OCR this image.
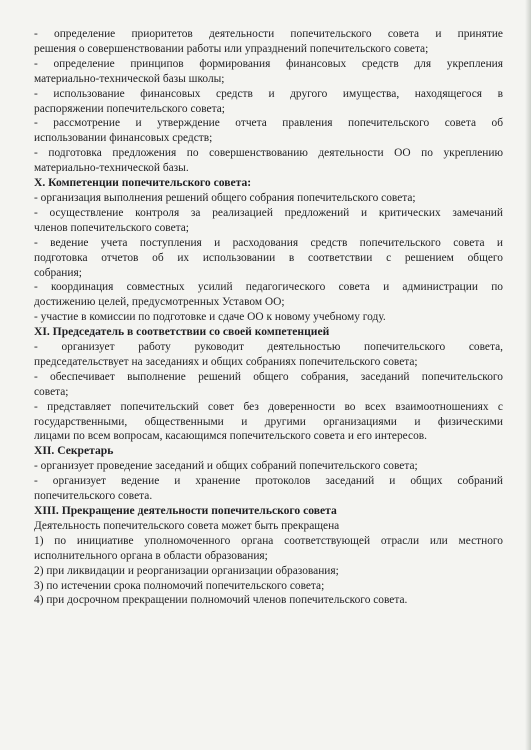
- определение приоритетов деятельности попечительского совета и принятие
решения о совершенствовании работы или упразднений попечительского совета;
- определение принципов формирования финансовых средств для укрепления
материально-технической базы школы;
- использование финансовых средств и другого имущества, находящегося в
распоряжении попечительского совета;
- рассмотрение и утверждение отчета правления попечительского совета об
использовании финансовых средств;
- подготовка предложения по совершенствованию деятельности ОО по укреплению
материально-технической базы.
X. Компетенции попечительского совета:
- организация выполнения решений общего собрания попечительского совета;
- осуществление контроля за реализацией предложений и критических замечаний
членов попечительского совета;
- ведение учета поступления и расходования средств попечительского совета и
подготовка отчетов об их использовании в соответствии с решением общего
собрания;
- координация совместных усилий педагогического совета и администрации по
достижению целей, предусмотренных Уставом ОО;
- участие в комиссии по подготовке и сдаче ОО к новому учебному году.
XI. Председатель в соответствии со своей компетенцией
- организует работу руководит деятельностью попечительского совета,
председательствует на заседаниях и общих собраниях попечительского совета;
- обеспечивает выполнение решений общего собрания, заседаний попечительского
совета;
- представляет попечительский совет без доверенности во всех взаимоотношениях с
государственными, общественными и другими организациями и физическими
лицами по всем вопросам, касающимся попечительского совета и его интересов.
XII. Секретарь
- организует проведение заседаний и общих собраний попечительского совета;
- организует ведение и хранение протоколов заседаний и общих собраний
попечительского совета.
XIII. Прекращение деятельности попечительского совета
Деятельность попечительского совета может быть прекращена
1) по инициативе уполномоченного органа соответствующей отрасли или местного
исполнительного органа в области образования;
2) при ликвидации и реорганизации организации образования;
3) по истечении срока полномочий попечительского совета;
4) при досрочном прекращении полномочий членов попечительского совета.
